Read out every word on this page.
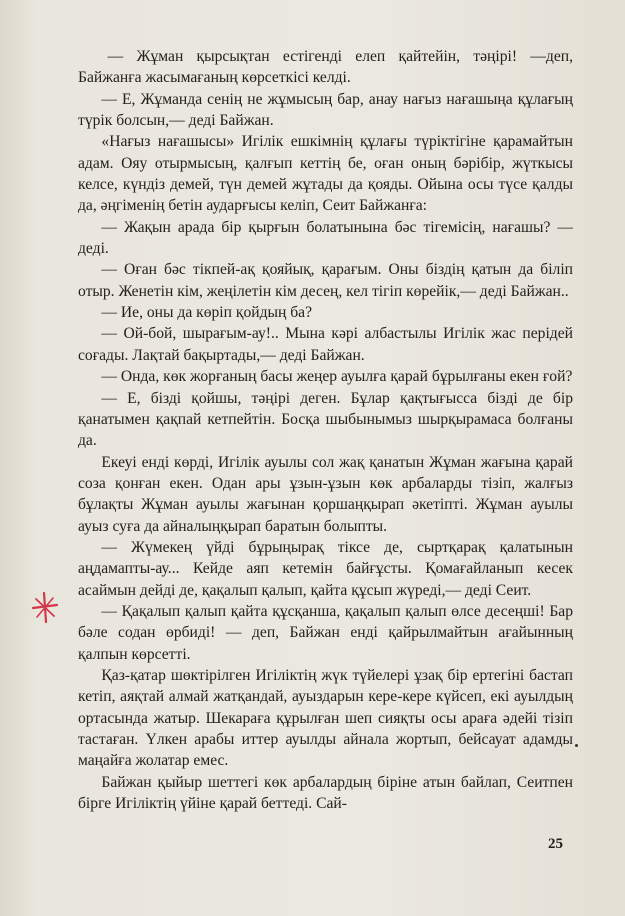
— Жұман қырсықтан естігенді елеп қайтейін, тәңірі! —деп, Байжанға жасымағаның көрсеткісі келді.

— Е, Жұманда сенің не жұмысың бар, анау нағыз нағашыңа құлағың түрік болсын,— деді Байжан.

«Нағыз нағашысы» Игілік ешкімнің құлағы түріктігіне қарамайтын адам. Ояу отырмысың, қалғып кеттің бе, оған оның бәрібір, жүткысы келсе, күндіз демей, түн демей жұтады да қояды. Ойына осы түсе қалды да, әңгіменің бетін аударғысы келіп, Сеит Байжанға:

— Жақын арада бір қырғын болатынына бәс тігемісің, нағашы? — деді.

— Оған бәс тікпей-ақ қояйық, қарағым. Оны біздің қатын да біліп отыр. Женетін кім, жеңілетін кім десең, кел тігіп көрейік,— деді Байжан..

— Ие, оны да көріп қойдың ба?

— Ой-бой, шырағым-ау!.. Мына кәрі албастылы Игілік жас перідей соғады. Лақтай бақыртады,— деді Байжан.

— Онда, көк жорғаның басы жеңер ауылға қарай бұрылғаны екен ғой?

— Е, бізді қойшы, тәңірі деген. Бұлар қақтығысса бізді де бір қанатымен қақпай кетпейтін. Босқа шыбынымыз шырқырамаса болғаны да.

Екеуі енді көрді, Игілік ауылы сол жақ қанатын Жұман жағына қарай соза қонған екен. Одан ары ұзын-ұзын көк арбаларды тізіп, жалғыз бұлақты Жұман ауылы жағынан қоршаңқырап әкетіпті. Жұман ауылы ауыз суға да айналыңқырап баратын болыпты.

— Жүмекең үйді бұрыңырақ тіксе де, сыртқарақ қалатынын аңдамапты-ау... Кейде аяп кетемін байғұсты. Қомағайланып кесек асаймын дейді де, қақалып қалып, қайта құсып жүреді,— деді Сеит.

— Қақалып қалып қайта құсқанша, қақалып қалып өлсе десеңші! Бар бәле содан өрбиді! — деп, Байжан енді қайрылмайтын ағайынның қалпын көрсетті.

Қаз-қатар шөктірілген Игіліктің жүк түйелері ұзақ бір ертегіні бастап кетіп, аяқтай алмай жатқандай, ауыздарын кере-кере күйсеп, екі ауылдың ортасында жатыр. Шекараға құрылған шеп сияқты осы араға әдейі тізіп тастаған. Үлкен арабы иттер ауылды айнала жортып, бейсауат адамды маңайға жолатар емес.

Байжан қыйыр шеттегі көк арбалардың біріне атын байлап, Сеитпен бірге Игіліктің үйіне қарай беттеді. Сай-

25
